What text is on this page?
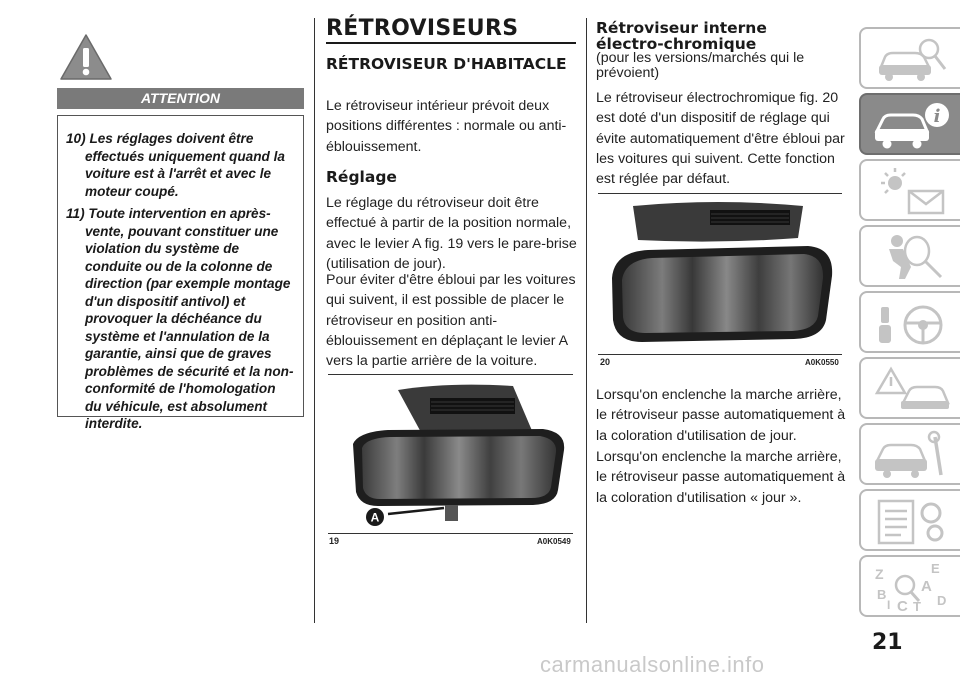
ATTENTION

10) Les réglages doivent être effectués uniquement quand la voiture est à l'arrêt et avec le moteur coupé.

11) Toute intervention en après-vente, pouvant constituer une violation du système de conduite ou de la colonne de direction (par exemple montage d'un dispositif antivol) et provoquer la déchéance du système et l'annulation de la garantie, ainsi que de graves problèmes de sécurité et la non-conformité de l'homologation du véhicule, est absolument interdite.

RÉTROVISEURS
RÉTROVISEUR D'HABITACLE
Le rétroviseur intérieur prévoit deux positions différentes : normale ou anti-éblouissement.
Réglage
Le réglage du rétroviseur doit être effectué à partir de la position normale, avec le levier A fig. 19 vers le pare-brise (utilisation de jour).
Pour éviter d'être ébloui par les voitures qui suivent, il est possible de placer le rétroviseur en position anti-éblouissement en déplaçant le levier A vers la partie arrière de la voiture.
A
19	A0K0549
Rétroviseur interne électro-chromique
(pour les versions/marchés qui le prévoient)
Le rétroviseur électrochromique fig. 20 est doté d'un dispositif de réglage qui évite automatiquement d'être ébloui par les voitures qui suivent. Cette fonction est réglée par défaut.
20	A0K0550
Lorsqu'on enclenche la marche arrière, le rétroviseur passe automatiquement à la coloration d'utilisation de jour.
Lorsqu'on enclenche la marche arrière, le rétroviseur passe automatiquement à la coloration d'utilisation « jour ».
i
Z	E
A
B
I C T D
21
carmanualsonline.info
